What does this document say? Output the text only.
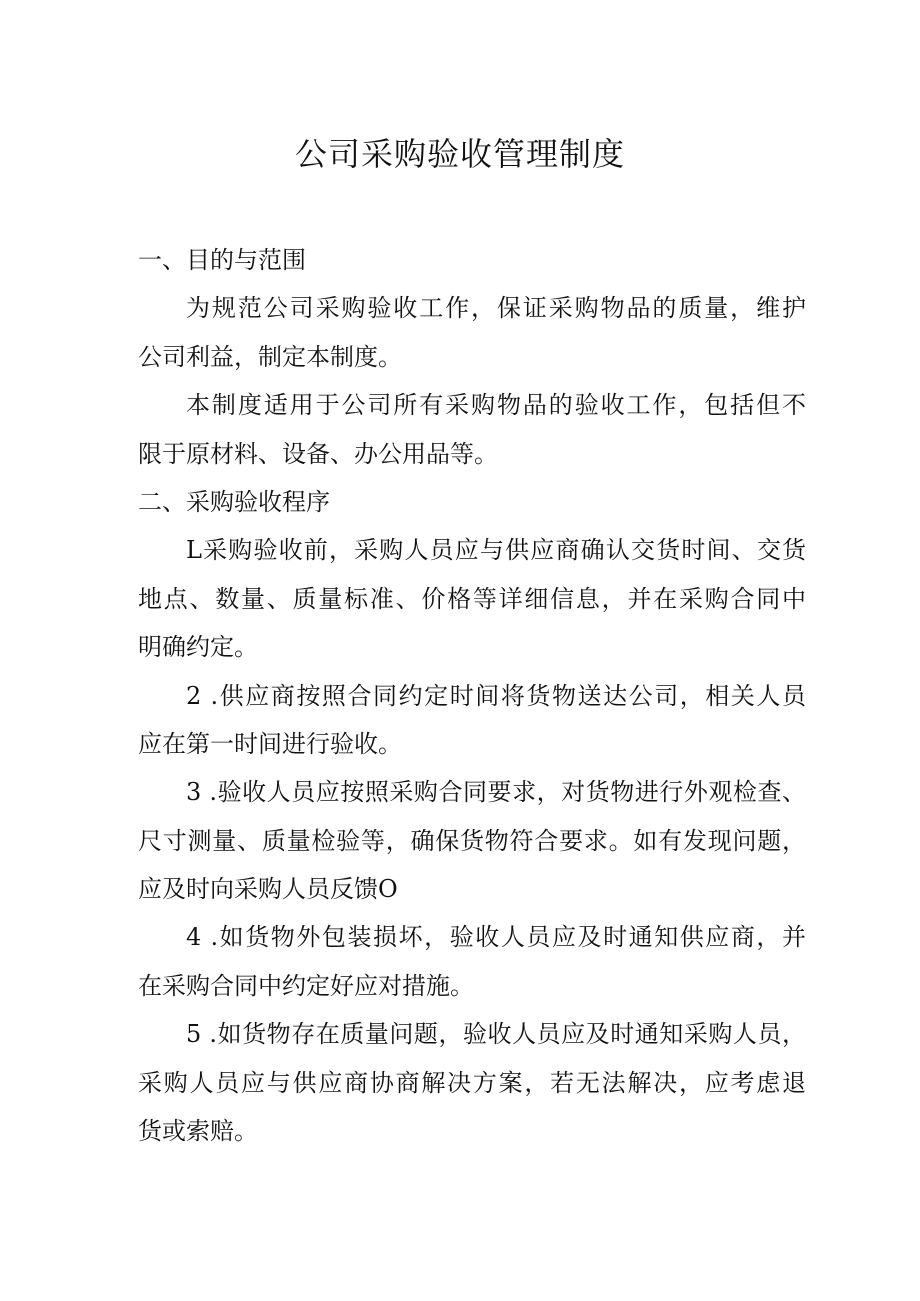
公司采购验收管理制度
一、目的与范围
为规范公司采购验收工作，保证采购物品的质量，维护
公司利益，制定本制度。
本制度适用于公司所有采购物品的验收工作，包括但不
限于原材料、设备、办公用品等。
二、采购验收程序
L采购验收前，采购人员应与供应商确认交货时间、交货
地点、数量、质量标准、价格等详细信息，并在采购合同中
明确约定。
2 .供应商按照合同约定时间将货物送达公司，相关人员
应在第一时间进行验收。
3 .验收人员应按照采购合同要求，对货物进行外观检查、
尺寸测量、质量检验等，确保货物符合要求。如有发现问题，
应及时向采购人员反馈O
4 .如货物外包装损坏，验收人员应及时通知供应商，并
在采购合同中约定好应对措施。
5 .如货物存在质量问题，验收人员应及时通知采购人员，
采购人员应与供应商协商解决方案，若无法解决，应考虑退
货或索赔。
